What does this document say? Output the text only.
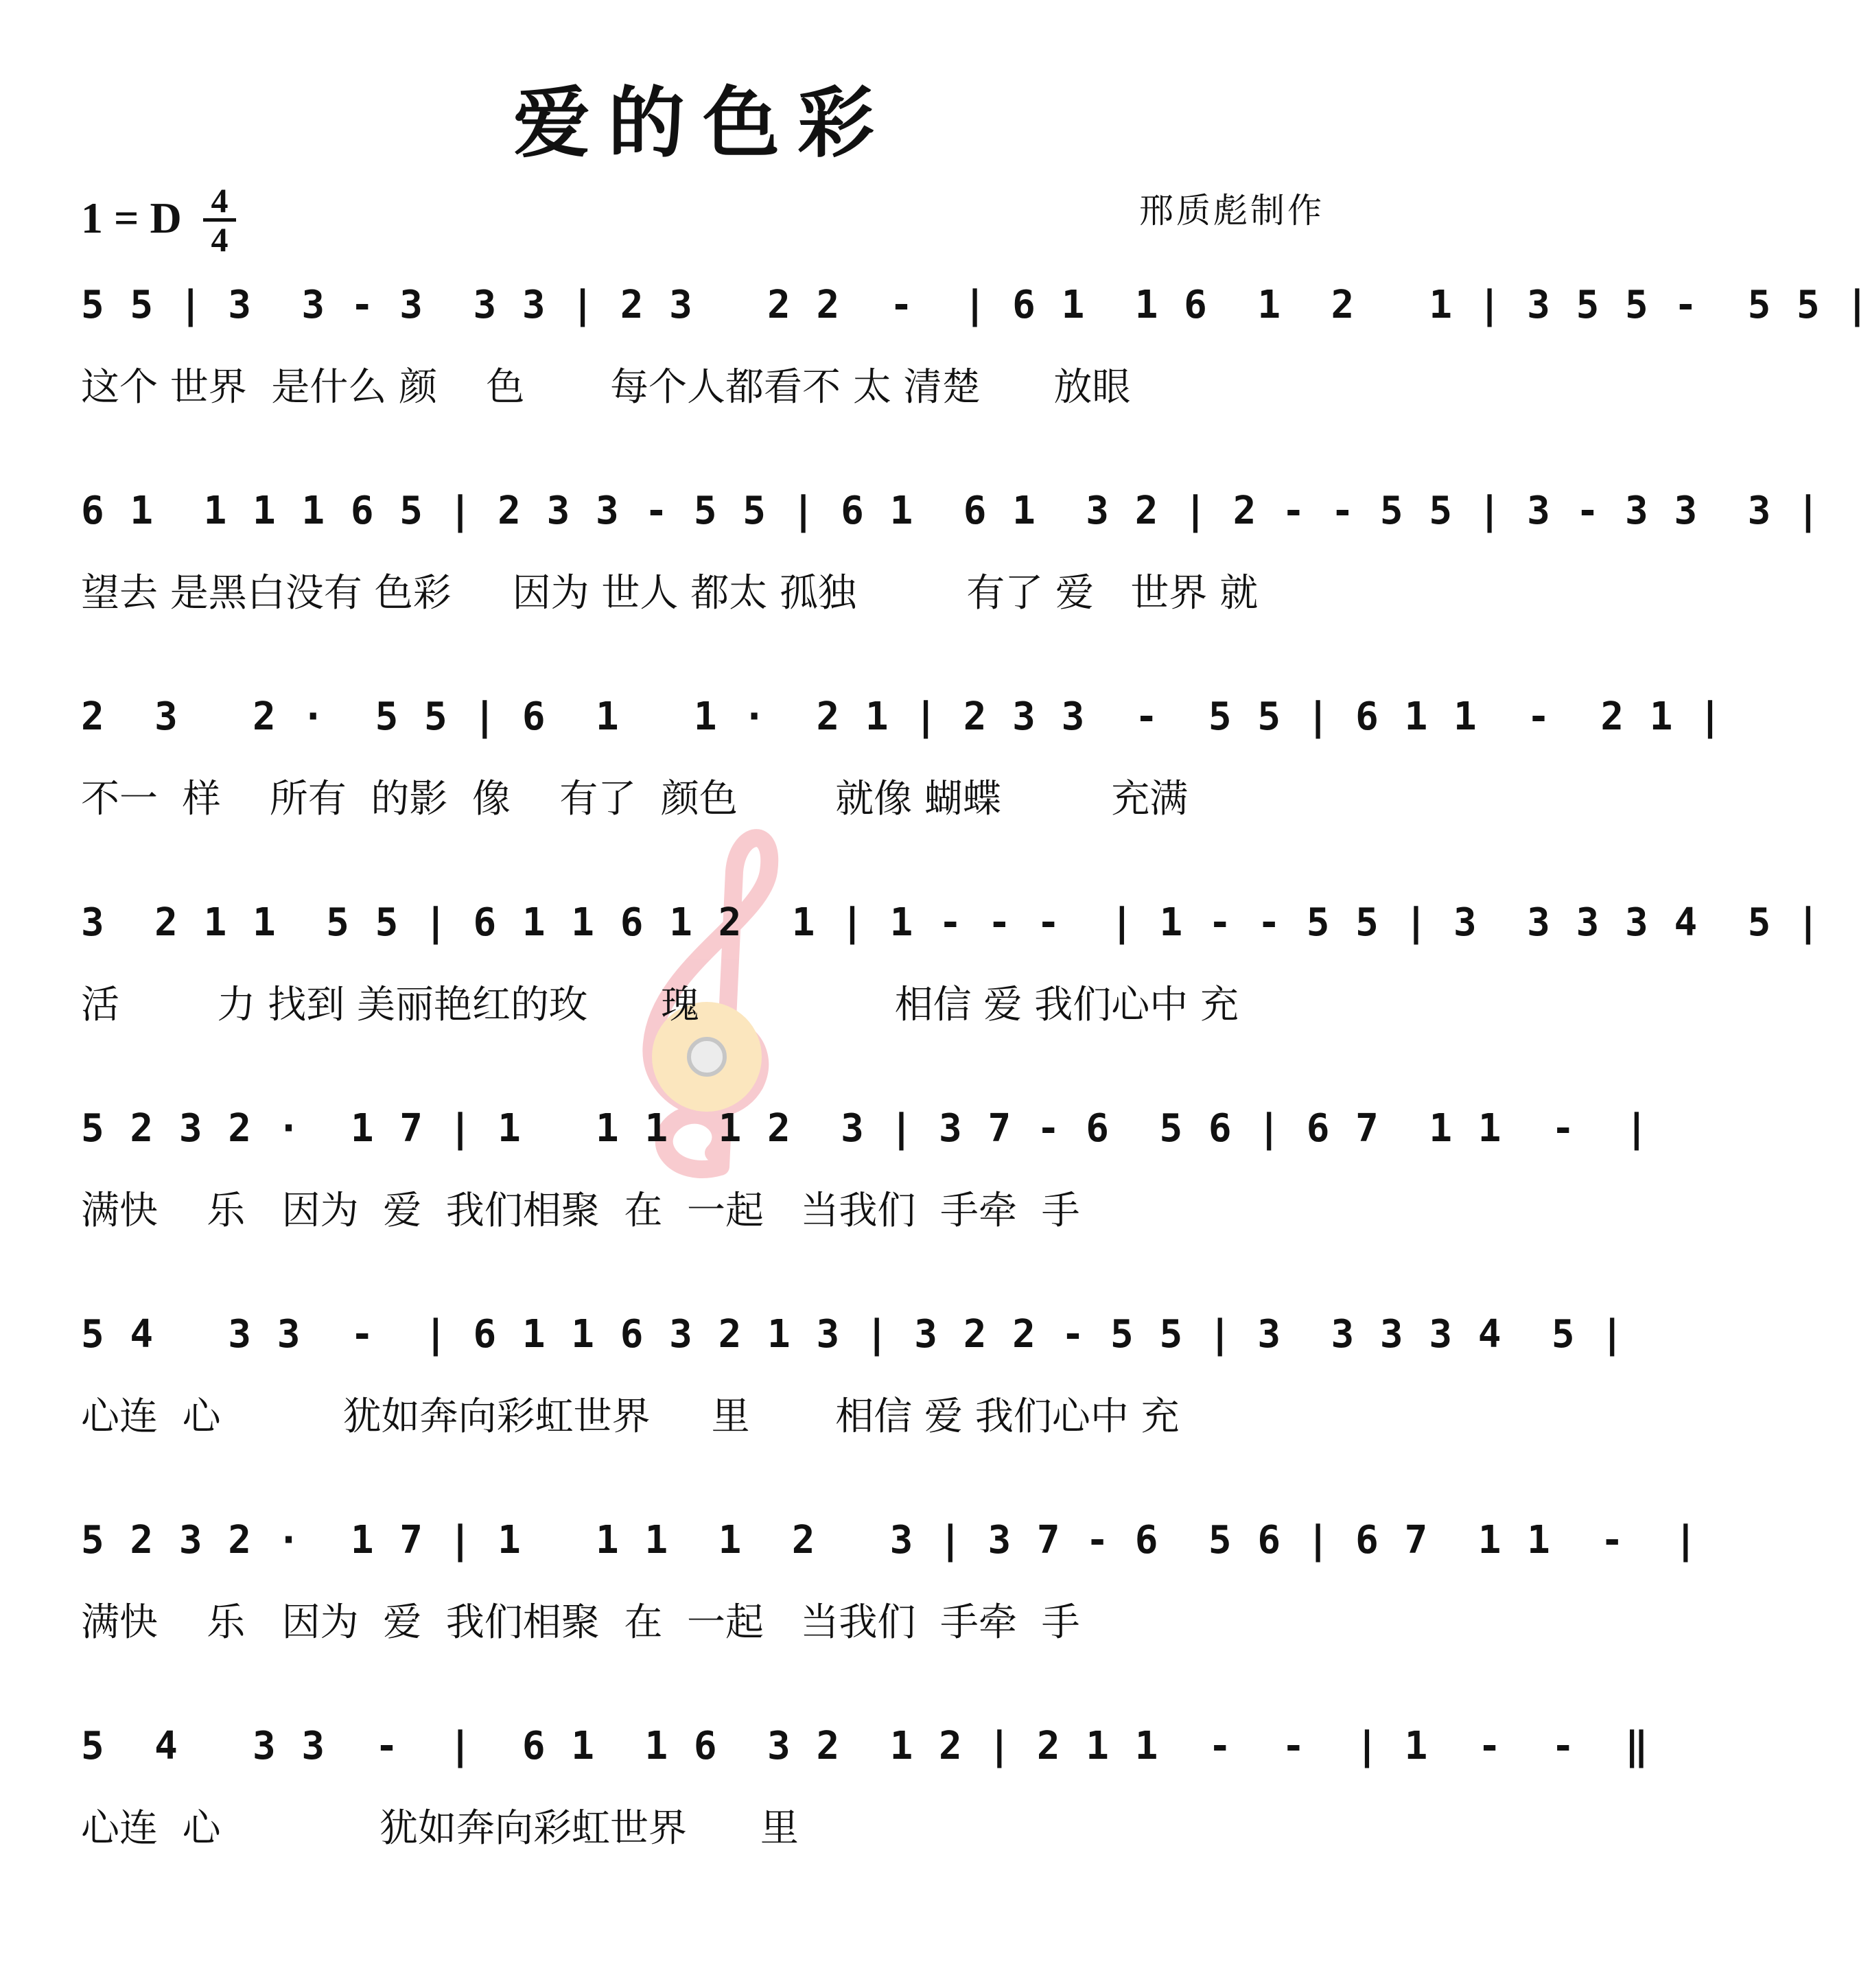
爱的色彩
1 = D 4
4
邢质彪制作
5 5 | 3  3 - 3  3 3 | 2 3   2 2  -  | 6 1  1 6  1  2   1 | 3 5 5 -  5 5 |
这个 世界  是什么 颜    色       每个人都看不 太 清楚      放眼
6 1  1 1 1 6 5 | 2 3 3 - 5 5 | 6 1  6 1  3 2 | 2 - - 5 5 | 3 - 3 3  3 |
望去 是黑白没有 色彩     因为 世人 都太 孤独         有了 爱   世界 就
2  3   2 ·  5 5 | 6  1   1 ·  2 1 | 2 3 3  -  5 5 | 6 1 1  -  2 1 |
不一  样    所有  的影  像    有了  颜色        就像 蝴蝶         充满
3  2 1 1  5 5 | 6 1 1 6 1 2  1 | 1 - - -  | 1 - - 5 5 | 3  3 3 3 4  5 |
活        力 找到 美丽艳红的玫      瑰                相信 爱 我们心中 充
5 2 3 2 ·  1 7 | 1   1 1  1 2  3 | 3 7 - 6  5 6 | 6 7  1 1  -  |
满快    乐   因为  爱  我们相聚  在  一起   当我们  手牵  手
5 4   3 3  -  | 6 1 1 6 3 2 1 3 | 3 2 2 - 5 5 | 3  3 3 3 4  5 |
心连  心          犹如奔向彩虹世界     里       相信 爱 我们心中 充
5 2 3 2 ·  1 7 | 1   1 1  1  2   3 | 3 7 - 6  5 6 | 6 7  1 1  -  |
满快    乐   因为  爱  我们相聚  在  一起   当我们  手牵  手
5  4   3 3  -  |  6 1  1 6  3 2  1 2 | 2 1 1  -  -  | 1  -  -  ‖
心连  心             犹如奔向彩虹世界      里
